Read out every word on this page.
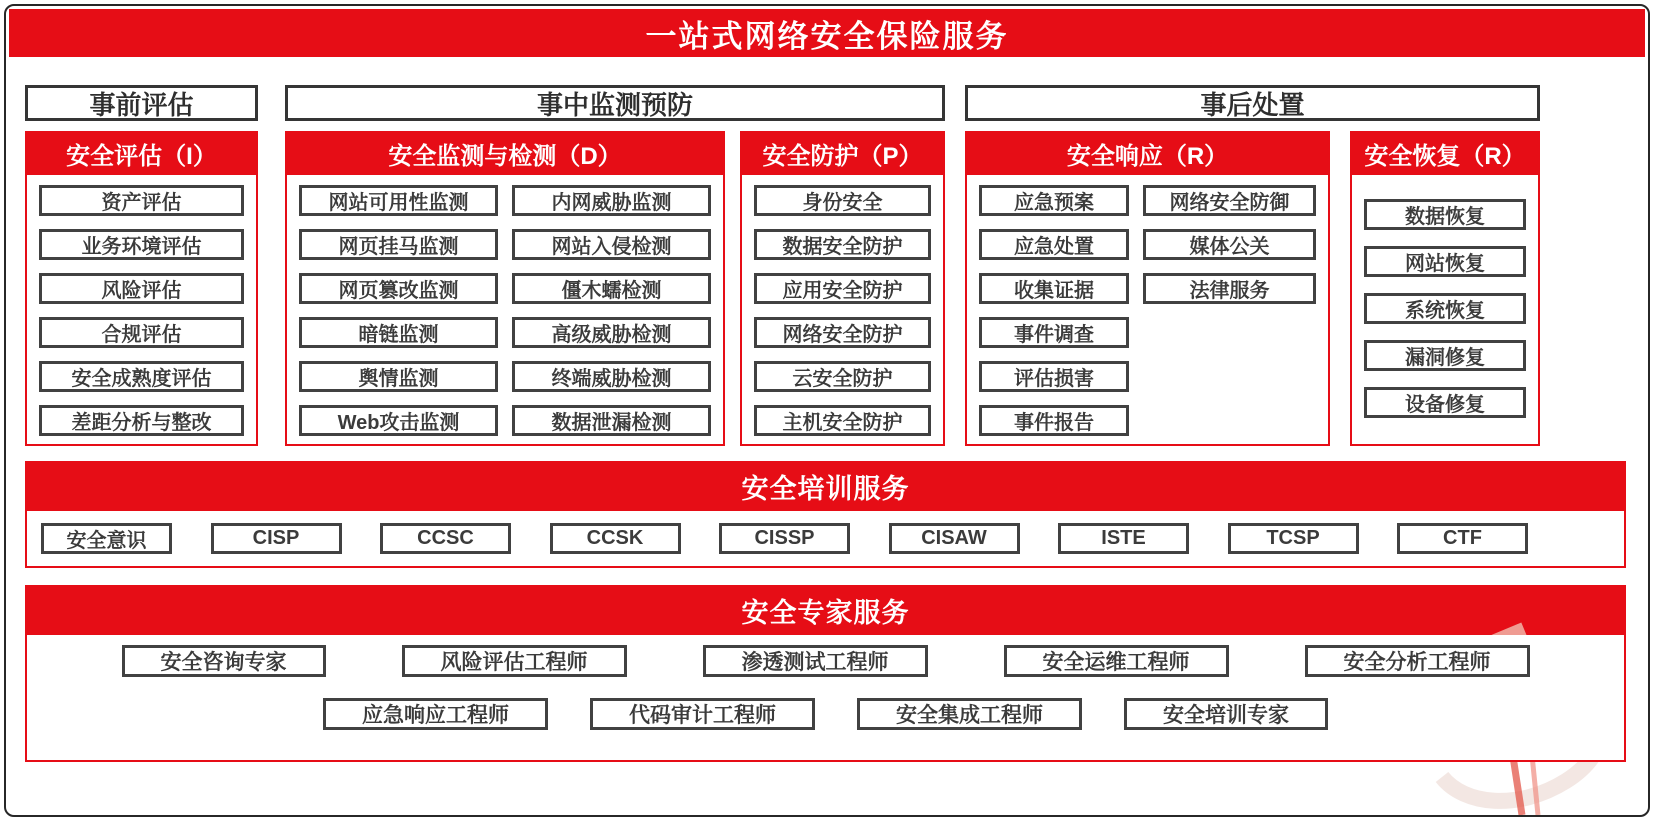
一站式网络安全保险服务
事前评估	事中监测预防	事后处置
安全评估（I）
资产评估
业务环境评估
风险评估
合规评估
安全成熟度评估
差距分析与整改
安全监测与检测（D）
网站可用性监测
网页挂马监测
网页篡改监测
暗链监测
舆情监测
Web攻击监测
内网威胁监测
网站入侵检测
僵木蠕检测
高级威胁检测
终端威胁检测
数据泄漏检测
安全防护（P）
身份安全
数据安全防护
应用安全防护
网络安全防护
云安全防护
主机安全防护
安全响应（R）
应急预案
应急处置
收集证据
事件调查
评估损害
事件报告
网络安全防御
媒体公关
法律服务
安全恢复（R）
数据恢复
网站恢复
系统恢复
漏洞修复
设备修复
安全培训服务
安全意识	CISP	CCSC	CCSK	CISSP	CISAW	ISTE	TCSP	CTF
安全专家服务
安全咨询专家	风险评估工程师	渗透测试工程师	安全运维工程师	安全分析工程师
应急响应工程师	代码审计工程师	安全集成工程师	安全培训专家
